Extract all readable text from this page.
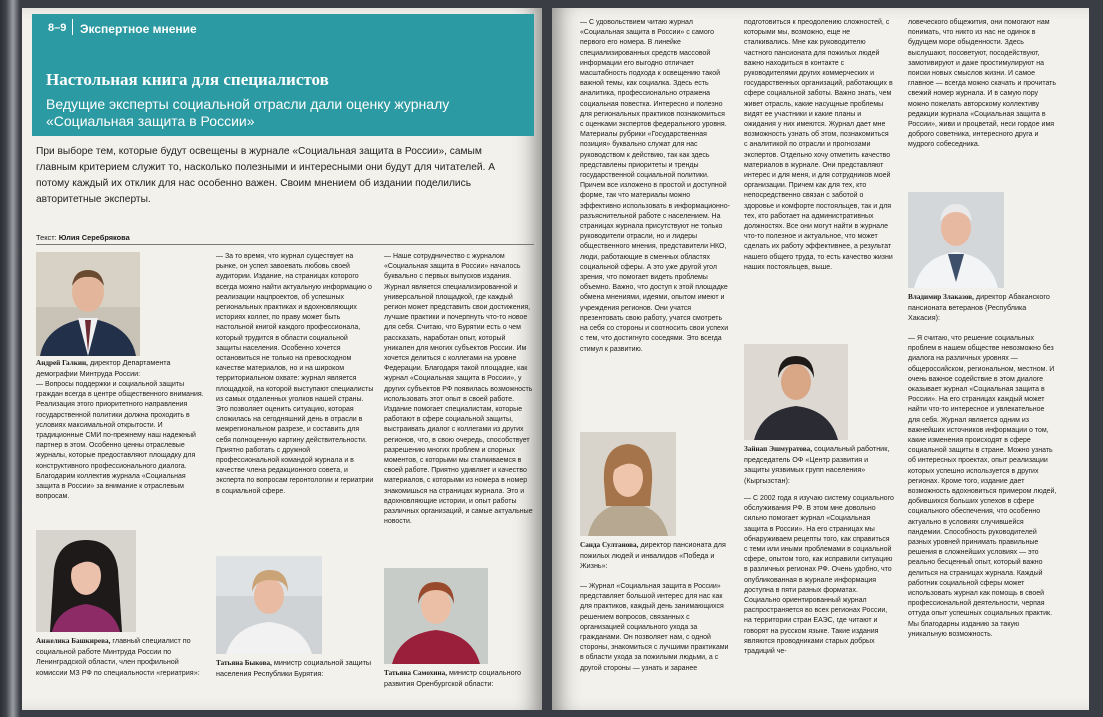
8–9 Экспертное мнение
Настольная книга для специалистов
Ведущие эксперты социальной отрасли дали оценку журналу «Социальная защита в России»

При выборе тем, которые будут освещены в журнале «Социальная защита в России», самым главным критерием служит то, насколько полезными и интересными они будут для читателей. А потому каждый их отклик для нас особенно важен. Своим мнением об издании поделились авторитетные эксперты.

Текст: Юлия Серебрякова

Андрей Галкин, директор Департамента демографии Минтруда России:

— Вопросы поддержки и социальной защиты граждан всегда в центре общественного внимания. Реализация этого приоритетного направления государственной политики должна проходить в условиях максимальной открытости. И традиционные СМИ по-прежнему наш надежный партнер в этом. Особенно ценны отраслевые журналы, которые предоставляют площадку для конструктивного профессионального диалога. Благодарим коллектив журнала «Социальная защита в России» за внимание к отраслевым вопросам.

Анжелика Башкирева, главный специалист по социальной работе Минтруда России по Ленинградской области, член профильной комиссии МЗ РФ по специальности «гериатрия»:

— За то время, что журнал существует на рынке, он успел завоевать любовь своей аудитории. Издание, на страницах которого всегда можно найти актуальную информацию о реализации нацпроектов, об успешных региональных практиках и вдохновляющих историях коллег, по праву может быть настольной книгой каждого профессионала, который трудится в области социальной защиты населения. Особенно хочется остановиться не только на превосходном качестве материалов, но и на широком территориальном охвате: журнал является площадкой, на которой выступают специалисты из самых отдаленных уголков нашей страны. Это позволяет оценить ситуацию, которая сложилась на сегодняшний день в отрасли в межрегиональном разрезе, и составить для себя полноценную картину действительности. Приятно работать с дружной профессиональной командой журнала и в качестве члена редакционного совета, и эксперта по вопросам геронтологии и гериатрии в социальной сфере.

Татьяна Быкова, министр социальной защиты населения Республики Бурятия:

— Наше сотрудничество с журналом «Социальная защита в России» началось буквально с первых выпусков издания. Журнал является специализированной и универсальной площадкой, где каждый регион может представить свои достижения, лучшие практики и почерпнуть что-то новое для себя. Считаю, что Бурятии есть о чем рассказать, наработан опыт, который уникален для многих субъектов России. Им хочется делиться с коллегами на уровне Федерации. Благодаря такой площадке, как журнал «Социальная защита в России», у других субъектов РФ появилась возможность использовать этот опыт в своей работе. Издание помогает специалистам, которые работают в сфере социальной защиты, выстраивать диалог с коллегами из других регионов, что, в свою очередь, способствует разрешению многих проблем и спорных моментов, с которыми мы сталкиваемся в своей работе. Приятно удивляет и качество материалов, с которыми из номера в номер знакомишься на страницах журнала. Это и вдохновляющие истории, и опыт работы различных организаций, и самые актуальные новости.

Татьяна Самохина, министр социального развития Оренбургской области:

— С удовольствием читаю журнал «Социальная защита в России» с самого первого его номера. В линейке специализированных средств массовой информации его выгодно отличает масштабность подхода к освещению такой важной темы, как социалка. Здесь есть аналитика, профессионально отражена социальная повестка. Интересно и полезно для региональных практиков познакомиться с оценками экспертов федерального уровня. Материалы рубрики «Государственная позиция» буквально служат для нас руководством к действию, так как здесь представлены приоритеты и тренды государственной социальной политики. Причем все изложено в простой и доступной форме, так что материалы можно эффективно использовать в информационно-разъяснительной работе с населением. На страницах журнала присутствуют не только руководители отрасли, но и лидеры общественного мнения, представители НКО, люди, работающие в сменных областях социальной сферы. А это уже другой угол зрения, что помогает видеть проблемы объемно. Важно, что доступ к этой площадке обмена мнениями, идеями, опытом имеют и учреждения регионов. Они учатся презентовать свою работу, учатся смотреть на себя со стороны и соотносить свои успехи с тем, что достигнуто соседями. Это всегда стимул к развитию.

Санда Султанова, директор пансионата для пожилых людей и инвалидов «Победа и Жизнь»:

— Журнал «Социальная защита в России» представляет большой интерес для нас как для практиков, каждый день занимающихся решением вопросов, связанных с организацией социального ухода за гражданами. Он позволяет нам, с одной стороны, знакомиться с лучшими практиками в области ухода за пожилыми людьми, а с другой стороны — узнать и заранее

подготовиться к преодолению сложностей, с которыми мы, возможно, еще не сталкивались. Мне как руководителю частного пансионата для пожилых людей важно находиться в контакте с руководителями других коммерческих и государственных организаций, работающих в сфере социальной заботы. Важно знать, чем живет отрасль, какие насущные проблемы видят ее участники и какие планы и ожидания у них имеются. Журнал дает мне возможность узнать об этом, познакомиться с аналитикой по отрасли и прогнозами экспертов. Отдельно хочу отметить качество материалов в журнале. Они представляют интерес и для меня, и для сотрудников моей организации. Причем как для тех, кто непосредственно связан с заботой о здоровье и комфорте постояльцев, так и для тех, кто работает на административных должностях. Все они могут найти в журнале что-то полезное и актуальное, что может сделать их работу эффективнее, а результат нашего общего труда, то есть качество жизни наших постояльцев, выше.

Зайнап Эшмуратова, социальный работник, председатель ОФ «Центр развития и защиты уязвимых групп населения» (Кыргызстан):

— С 2002 года я изучаю систему социального обслуживания РФ. В этом мне довольно сильно помогает журнал «Социальная защита в России». На его страницах мы обнаруживаем рецепты того, как справиться с теми или иными проблемами в социальной сфере, опытом того, как исправили ситуацию в различных регионах РФ. Очень удобно, что опубликованная в журнале информация доступна в пяти разных форматах. Социально ориентированный журнал распространяется во всех регионах России, на территории стран ЕАЭС, где читают и говорят на русском языке. Такие издания являются проводниками старых добрых традиций че-

ловеческого общежития, они помогают нам понимать, что никто из нас не одинок в будущем море обыденности. Здесь выслушают, посоветуют, посодействуют, замотивируют и даже простимулируют на поиски новых смыслов жизни. И самое главное — всегда можно скачать и прочитать свежий номер журнала. И в самую пору можно пожелать авторскому коллективу редакции журнала «Социальная защита в России», живи и процветай, неси гордое имя доброго советника, интересного друга и мудрого собеседника.

Владимир Злаказов, директор Абаканского пансионата ветеранов (Республика Хакасия):

— Я считаю, что решение социальных проблем в нашем обществе невозможно без диалога на различных уровнях — общероссийском, региональном, местном. И очень важное содействие в этом диалоге оказывает журнал «Социальная защита в России». На его страницах каждый может найти что-то интересное и увлекательное для себя. Журнал является одним из важнейших источников информации о том, какие изменения происходят в сфере социальной защиты в стране. Можно узнать об интересных проектах, опыт реализации которых успешно используется в других регионах. Кроме того, издание дает возможность вдохновиться примером людей, добившихся больших успехов в сфере социального обеспечения, что особенно актуально в условиях случившейся пандемии. Способность руководителей разных уровней принимать правильные решения в сложнейших условиях — это реально бесценный опыт, который важно делиться на страницах журнала. Каждый работник социальной сферы может использовать журнал как помощь в своей профессиональной деятельности, черпая оттуда опыт успешных социальных практик. Мы благодарны изданию за такую уникальную возможность.
